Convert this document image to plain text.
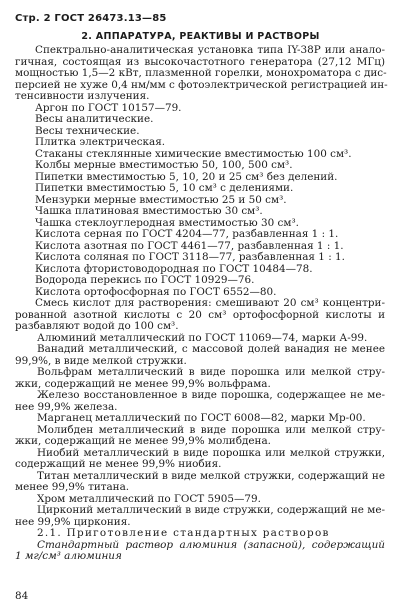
Стр. 2 ГОСТ 26473.13—85
2. АППАРАТУРА, РЕАКТИВЫ И РАСТВОРЫ
Спектрально-аналитическая установка типа IY-38P или анало-
гичная, состоящая из высокочастотного генератора (27,12 МГц)
мощностью 1,5—2 кВт, плазменной горелки, монохроматора с дис-
персией не хуже 0,4 нм/мм с фотоэлектрической регистрацией ин-
тенсивности излучения.
Аргон по ГОСТ 10157—79.
Весы аналитические.
Весы технические.
Плитка электрическая.
Стаканы стеклянные химические вместимостью 100 см³.
Колбы мерные вместимостью 50, 100, 500 см³.
Пипетки вместимостью 5, 10, 20 и 25 см³ без делений.
Пипетки вместимостью 5, 10 см³ с делениями.
Мензурки мерные вместимостью 25 и 50 см³.
Чашка платиновая вместимостью 30 см³.
Чашка стеклоуглеродная вместимостью 30 см³.
Кислота серная по ГОСТ 4204—77, разбавленная 1 : 1.
Кислота азотная по ГОСТ 4461—77, разбавленная 1 : 1.
Кислота соляная по ГОСТ 3118—77, разбавленная 1 : 1.
Кислота фтористоводородная по ГОСТ 10484—78.
Водорода перекись по ГОСТ 10929—76.
Кислота ортофосфорная по ГОСТ 6552—80.
Смесь кислот для растворения: смешивают 20 см³ концентри-
рованной азотной кислоты с 20 см³ ортофосфорной кислоты и
разбавляют водой до 100 см³.
Алюминий металлический по ГОСТ 11069—74, марки А-99.
Ванадий металлический, с массовой долей ванадия не менее
99,9%, в виде мелкой стружки.
Вольфрам металлический в виде порошка или мелкой стру-
жки, содержащий не менее 99,9% вольфрама.
Железо восстановленное в виде порошка, содержащее не ме-
нее 99,9% железа.
Марганец металлический по ГОСТ 6008—82, марки Мр-00.
Молибден металлический в виде порошка или мелкой стру-
жки, содержащий не менее 99,9% молибдена.
Ниобий металлический в виде порошка или мелкой стружки,
содержащий не менее 99,9% ниобия.
Титан металлический в виде мелкой стружки, содержащий не
менее 99,9% титана.
Хром металлический по ГОСТ 5905—79.
Цирконий металлический в виде стружки, содержащий не ме-
нее 99,9% циркония.
2.1. Приготовление стандартных растворов
Стандартный раствор алюминия (запасной), содержащий
1 мг/см³ алюминия
84
